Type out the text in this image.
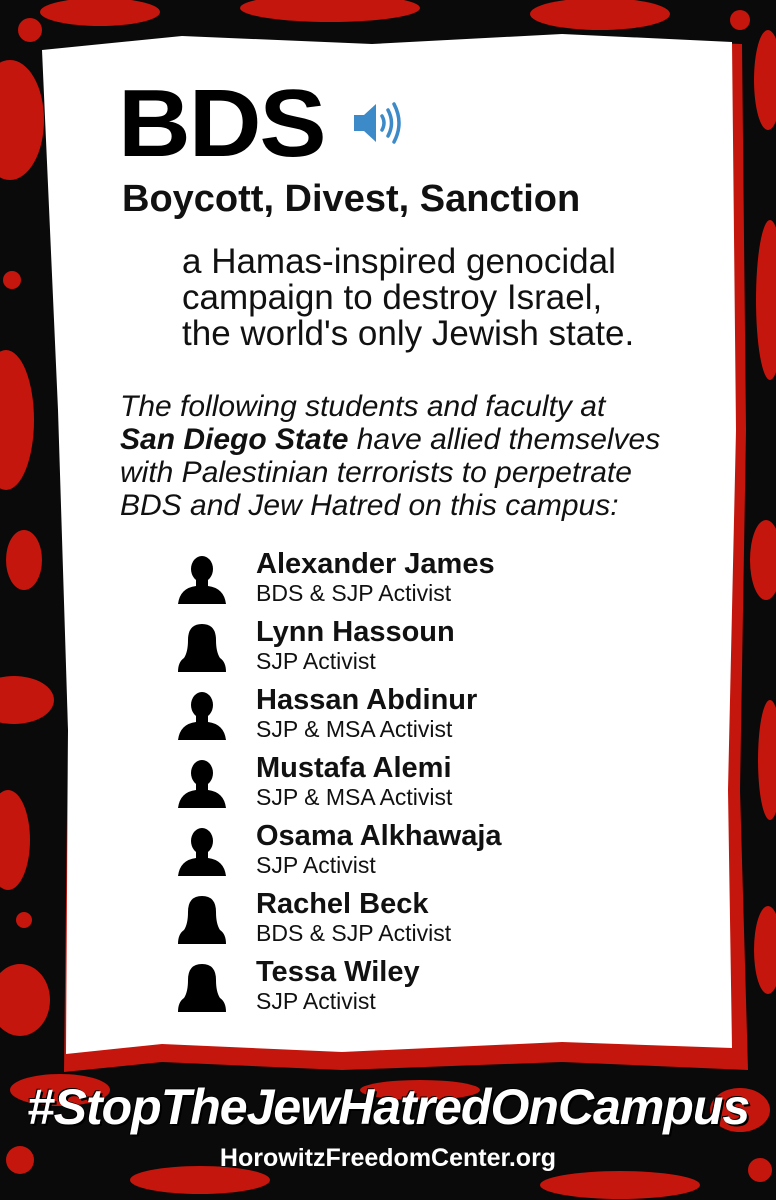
BDS
Boycott, Divest, Sanction
a Hamas-inspired genocidal
campaign to destroy Israel,
the world's only Jewish state.
The following students and faculty at
San Diego State have allied themselves
with Palestinian terrorists to perpetrate
BDS and Jew Hatred on this campus:
Alexander James
BDS & SJP Activist
Lynn Hassoun
SJP Activist
Hassan Abdinur
SJP & MSA Activist
Mustafa Alemi
SJP & MSA Activist
Osama Alkhawaja
SJP Activist
Rachel Beck
BDS & SJP Activist
Tessa Wiley
SJP Activist
#StopTheJewHatredOnCampus
HorowitzFreedomCenter.org
